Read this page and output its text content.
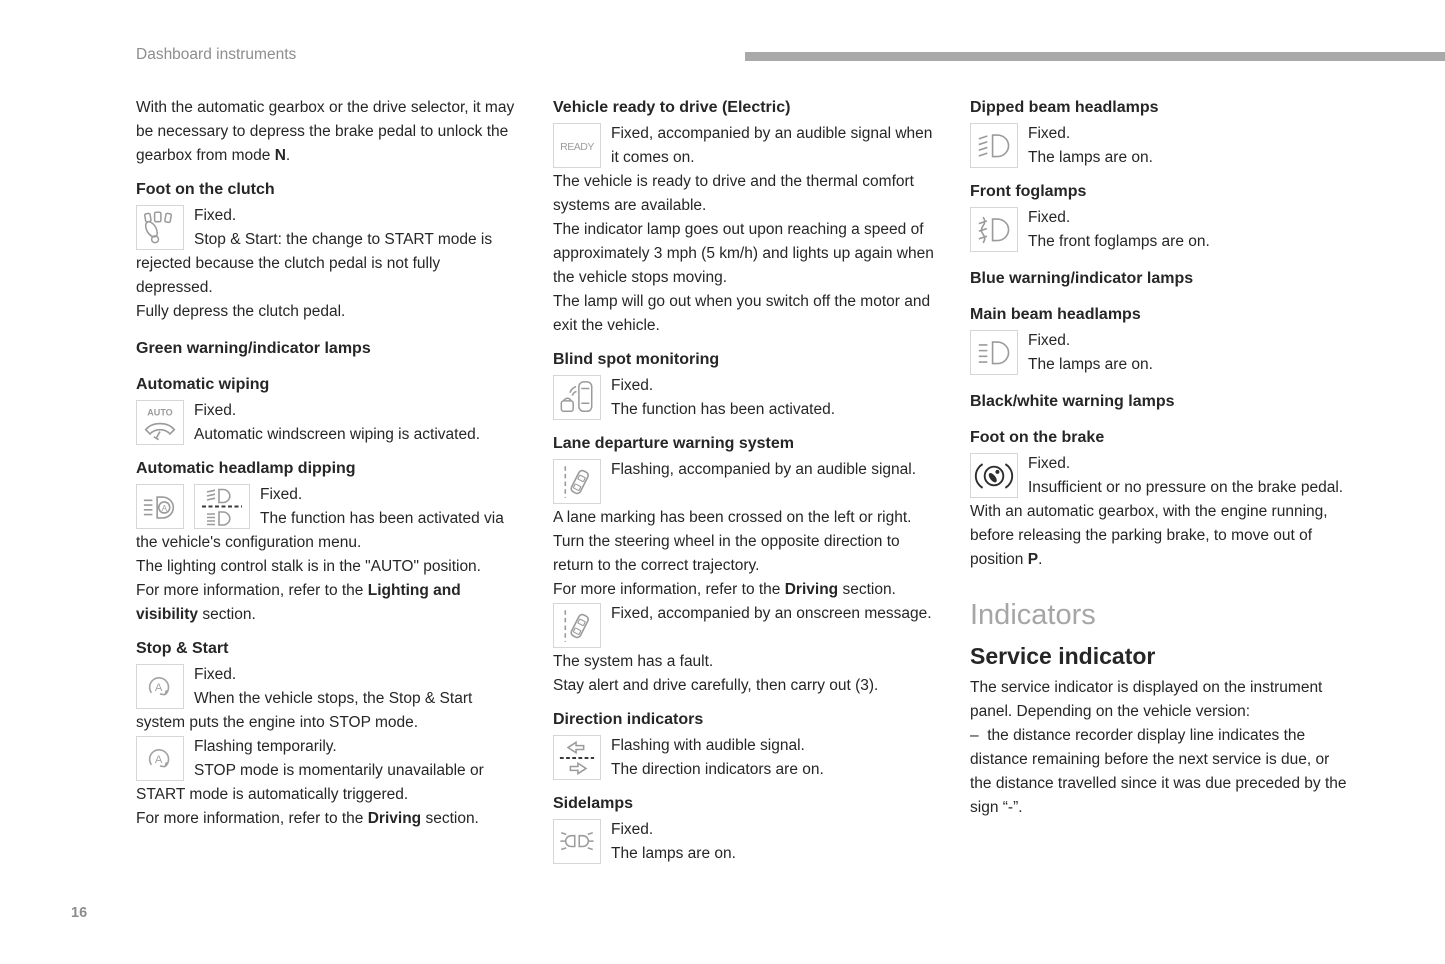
Dashboard instruments

With the automatic gearbox or the drive selector, it may be necessary to depress the brake pedal to unlock the gearbox from mode N.

Foot on the clutch
Fixed.
Stop & Start: the change to START mode is rejected because the clutch pedal is not fully depressed.

Fully depress the clutch pedal.

Green warning/indicator lamps
Automatic wiping
AUTO	Fixed.
Automatic windscreen wiping is activated.
Automatic headlamp dipping
A
Fixed.
The function has been activated via the vehicle's configuration menu.

The lighting control stalk is in the "AUTO" position.

For more information, refer to the Lighting and visibility section.

Stop & Start
A
Fixed.
When the vehicle stops, the Stop & Start system puts the engine into STOP mode.
A
Flashing temporarily.
STOP mode is momentarily unavailable or START mode is automatically triggered.

For more information, refer to the Driving section.

Vehicle ready to drive (Electric)
READY
Fixed, accompanied by an audible signal when it comes on.

The vehicle is ready to drive and the thermal comfort systems are available.

The indicator lamp goes out upon reaching a speed of approximately 3 mph (5 km/h) and lights up again when the vehicle stops moving.

The lamp will go out when you switch off the motor and exit the vehicle.

Blind spot monitoring
Fixed.
The function has been activated.
Lane departure warning system
Flashing, accompanied by an audible signal.

A lane marking has been crossed on the left or right.

Turn the steering wheel in the opposite direction to return to the correct trajectory.

For more information, refer to the Driving section.

Fixed, accompanied by an onscreen message.

The system has a fault.

Stay alert and drive carefully, then carry out (3).

Direction indicators
Flashing with audible signal.
The direction indicators are on.
Sidelamps
Fixed.
The lamps are on.
Dipped beam headlamps
Fixed.
The lamps are on.
Front foglamps
Fixed.
The front foglamps are on.
Blue warning/indicator lamps
Main beam headlamps
Fixed.
The lamps are on.
Black/white warning lamps
Foot on the brake
Fixed.
Insufficient or no pressure on the brake pedal.

With an automatic gearbox, with the engine running, before releasing the parking brake, to move out of position P.

Indicators
Service indicator

The service indicator is displayed on the instrument panel. Depending on the vehicle version:

–  the distance recorder display line indicates the distance remaining before the next service is due, or the distance travelled since it was due preceded by the sign “-”.

16
